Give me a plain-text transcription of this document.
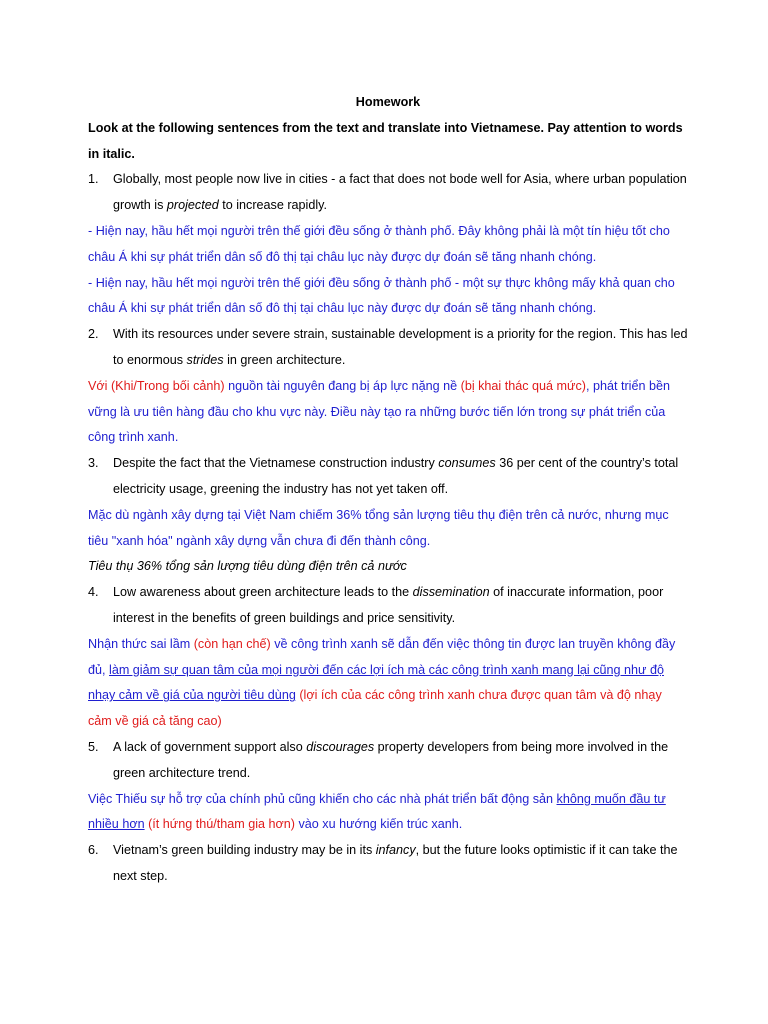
Homework

Look at the following sentences from the text and translate into Vietnamese. Pay attention to words in italic.

1. Globally, most people now live in cities - a fact that does not bode well for Asia, where urban population growth is projected to increase rapidly.

- Hiện nay, hầu hết mọi người trên thế giới đều sống ở thành phố. Đây không phải là một tín hiệu tốt cho châu Á khi sự phát triển dân số đô thị tại châu lục này được dự đoán sẽ tăng nhanh chóng.

- Hiện nay, hầu hết mọi người trên thế giới đều sống ở thành phố - một sự thực không mấy khả quan cho châu Á khi sự phát triển dân số đô thị tại châu lục này được dự đoán sẽ tăng nhanh chóng.

2. With its resources under severe strain, sustainable development is a priority for the region. This has led to enormous strides in green architecture.

Với (Khi/Trong bối cảnh) nguồn tài nguyên đang bị áp lực nặng nề (bị khai thác quá mức), phát triển bền vững là ưu tiên hàng đầu cho khu vực này. Điều này tạo ra những bước tiến lớn trong sự phát triển của công trình xanh.

3. Despite the fact that the Vietnamese construction industry consumes 36 per cent of the country’s total electricity usage, greening the industry has not yet taken off.

Mặc dù ngành xây dựng tại Việt Nam chiếm 36% tổng sản lượng tiêu thụ điện trên cả nước, nhưng mục tiêu "xanh hóa" ngành xây dựng vẫn chưa đi đến thành công.

Tiêu thụ 36% tổng sản lượng tiêu dùng điện trên cả nước

4. Low awareness about green architecture leads to the dissemination of inaccurate information, poor interest in the benefits of green buildings and price sensitivity.

Nhận thức sai lầm (còn hạn chế) về công trình xanh sẽ dẫn đến việc thông tin được lan truyền không đầy đủ, làm giảm sự quan tâm của mọi người đến các lợi ích mà các công trình xanh mang lại cũng như độ nhạy cảm về giá của người tiêu dùng (lợi ích của các công trình xanh chưa được quan tâm và độ nhạy cảm về giá cả tăng cao)

5. A lack of government support also discourages property developers from being more involved in the green architecture trend.

Việc Thiếu sự hỗ trợ của chính phủ cũng khiến cho các nhà phát triển bất động sản không muốn đầu tư nhiều hơn (ít hứng thú/tham gia hơn) vào xu hướng kiến trúc xanh.

6. Vietnam’s green building industry may be in its infancy, but the future looks optimistic if it can take the next step.
